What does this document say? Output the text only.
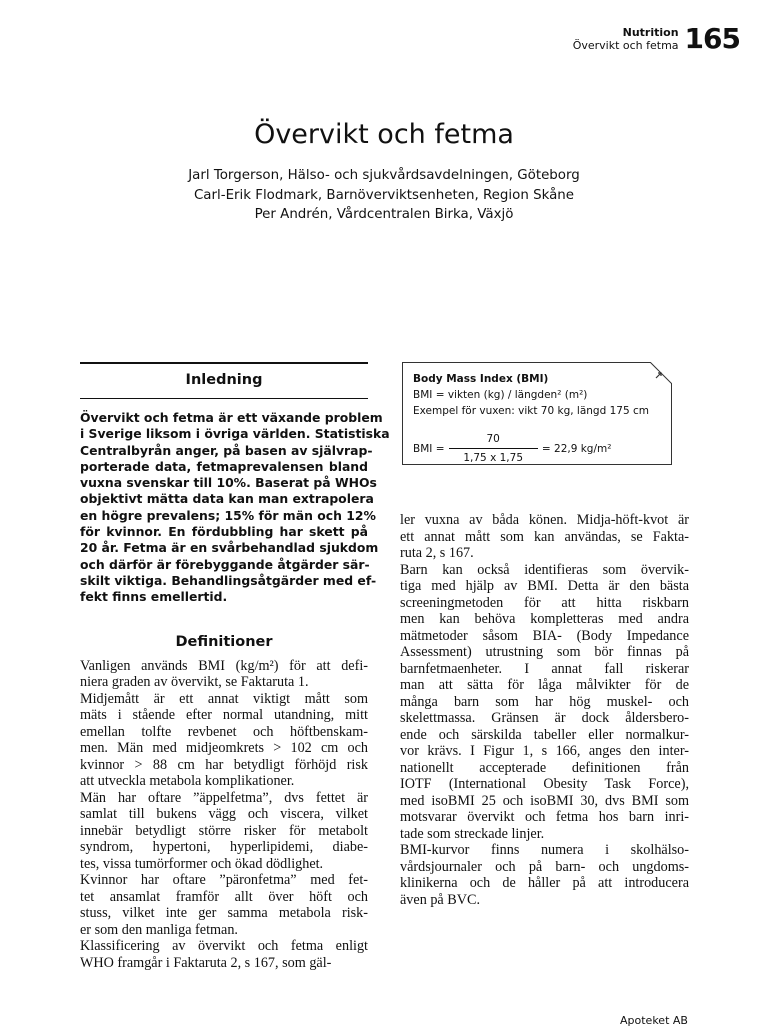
Nutrition
Övervikt och fetma 165
Övervikt och fetma
Jarl Torgerson, Hälso- och sjukvårdsavdelningen, Göteborg
Carl-Erik Flodmark, Barnöverviktsenheten, Region Skåne
Per Andrén, Vårdcentralen Birka, Växjö
Inledning
Övervikt och fetma är ett växande problem
i Sverige liksom i övriga världen. Statistiska
Centralbyrån anger, på basen av självrap-
porterade data, fetmaprevalensen bland
vuxna svenskar till 10%. Baserat på WHOs
objektivt mätta data kan man extrapolera
en högre prevalens; 15% för män och 12%
för kvinnor. En fördubbling har skett på
20 år. Fetma är en svårbehandlad sjukdom
och därför är förebyggande åtgärder sär-
skilt viktiga. Behandlingsåtgärder med ef-
fekt finns emellertid.
Definitioner
Vanligen används BMI (kg/m²) för att defi-
niera graden av övervikt, se Faktaruta 1.
Midjemått är ett annat viktigt mått som
mäts i stående efter normal utandning, mitt
emellan tolfte revbenet och höftbenskam-
men. Män med midjeomkrets > 102 cm och
kvinnor > 88 cm har betydligt förhöjd risk
att utveckla metabola komplikationer.
Män har oftare ”äppelfetma”, dvs fettet är
samlat till bukens vägg och viscera, vilket
innebär betydligt större risker för metabolt
syndrom, hypertoni, hyperlipidemi, diabe-
tes, vissa tumörformer och ökad dödlighet.
Kvinnor har oftare ”päronfetma” med fet-
tet ansamlat framför allt över höft och
stuss, vilket inte ger samma metabola risk-
er som den manliga fetman.
Klassificering av övervikt och fetma enligt
WHO framgår i Faktaruta 2, s 167, som gäl-
Body Mass Index (BMI)
BMI = vikten (kg) / längden² (m²)
Exempel för vuxen: vikt 70 kg, längd 175 cm
BMI = $\frac{70}{1,75 x 1,75} = 22,9$ kg/m²
ler vuxna av båda könen. Midja-höft-kvot är
ett annat mått som kan användas, se Fakta-
ruta 2, s 167.
Barn kan också identifieras som övervik-
tiga med hjälp av BMI. Detta är den bästa
screeningmetoden för att hitta riskbarn
men kan behöva kompletteras med andra
mätmetoder såsom BIA- (Body Impedance
Assessment) utrustning som bör finnas på
barnfetmaenheter. I annat fall riskerar
man att sätta för låga målvikter för de
många barn som har hög muskel- och
skelettmassa. Gränsen är dock åldersbero-
ende och särskilda tabeller eller normalkur-
vor krävs. I Figur 1, s 166, anges den inter-
nationellt accepterade definitionen från
IOTF (International Obesity Task Force),
med isoBMI 25 och isoBMI 30, dvs BMI som
motsvarar övervikt och fetma hos barn inri-
tade som streckade linjer.
BMI-kurvor finns numera i skolhälso-
vårdsjournaler och på barn- och ungdoms-
klinikerna och de håller på att introducera
även på BVC.
Apoteket AB
